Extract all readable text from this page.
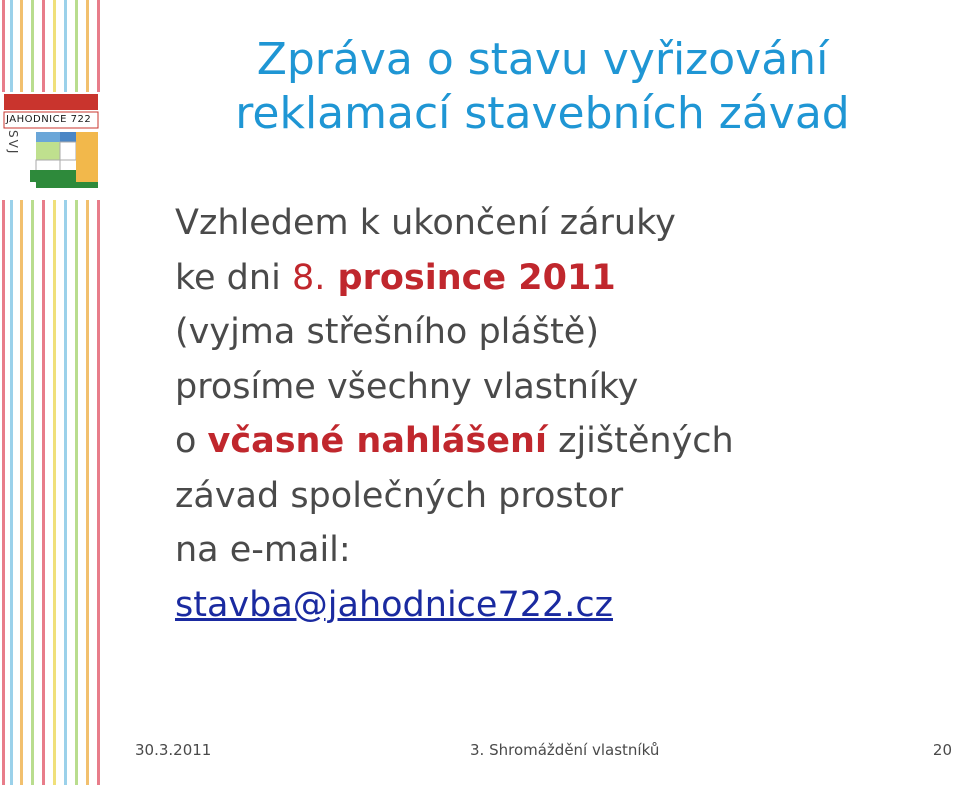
JAHODNICE 722
SVJ
Zpráva o stavu vyřizování
reklamací stavebních závad
Vzhledem k ukončení záruky
ke dni 8. prosince 2011
(vyjma střešního pláště)
prosíme všechny vlastníky
o včasné nahlášení zjištěných
závad společných prostor
na e-mail:
stavba@jahodnice722.cz
30.3.2011	3. Shromáždění vlastníků	20
